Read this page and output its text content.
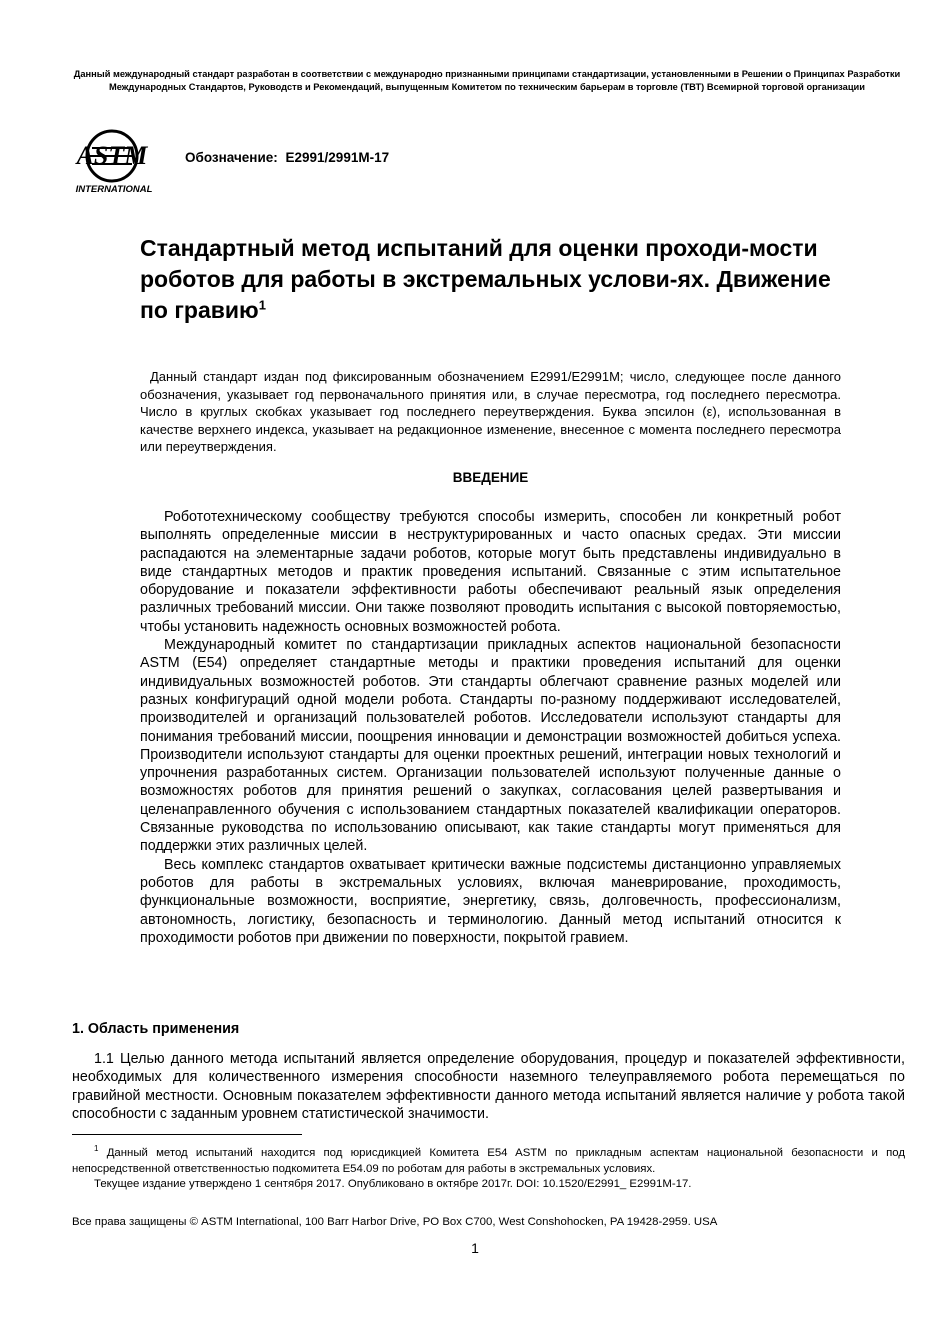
Данный международный стандарт разработан в соответствии с международно признанными принципами стандартизации, установленными в Решении о Принципах Разработки Международных Стандартов, Руководств и Рекомендаций, выпущенным Комитетом по техническим барьерам в торговле (ТВТ) Всемирной торговой организации
ASTM
INTERNATIONAL
Обозначение: E2991/2991M-17
Стандартный метод испытаний для оценки проходи-мости роботов для работы в экстремальных услови-ях. Движение по гравию$^1$

Данный стандарт издан под фиксированным обозначением E2991/E2991M; число, следующее после данного обозначения, указывает год первоначального принятия или, в случае пересмотра, год последнего пересмотра. Число в круглых скобках указывает год последнего переутверждения. Буква эпсилон (ε), использованная в качестве верхнего индекса, указывает на редакционное изменение, внесенное с момента последнего пересмотра или переутверждения.

ВВЕДЕНИЕ

Робототехническому сообществу требуются способы измерить, способен ли конкретный робот выполнять определенные миссии в неструктурированных и часто опасных средах. Эти миссии распадаются на элементарные задачи роботов, которые могут быть представлены индивидуально в виде стандартных методов и практик проведения испытаний. Связанные с этим испытательное оборудование и показатели эффективности работы обеспечивают реальный язык определения различных требований миссии. Они также позволяют проводить испытания с высокой повторяемостью, чтобы установить надежность основных возможностей робота.

Международный комитет по стандартизации прикладных аспектов национальной безопасности ASTM (E54) определяет стандартные методы и практики проведения испытаний для оценки индивидуальных возможностей роботов. Эти стандарты облегчают сравнение разных моделей или разных конфигураций одной модели робота. Стандарты по-разному поддерживают исследователей, производителей и организаций пользователей роботов. Исследователи используют стандарты для понимания требований миссии, поощрения инновации и демонстрации возможностей добиться успеха. Производители используют стандарты для оценки проектных решений, интеграции новых технологий и упрочнения разработанных систем. Организации пользователей используют полученные данные о возможностях роботов для принятия решений о закупках, согласования целей развертывания и целенаправленного обучения с использованием стандартных показателей квалификации операторов. Связанные руководства по использованию описывают, как такие стандарты могут применяться для поддержки этих различных целей.

Весь комплекс стандартов охватывает критически важные подсистемы дистанционно управляемых роботов для работы в экстремальных условиях, включая маневрирование, проходимость, функциональные возможности, восприятие, энергетику, связь, долговечность, профессионализм, автономность, логистику, безопасность и терминологию. Данный метод испытаний относится к проходимости роботов при движении по поверхности, покрытой гравием.

1. Область применения

1.1 Целью данного метода испытаний является определение оборудования, процедур и показателей эффективности, необходимых для количественного измерения способности наземного телеуправляемого робота перемещаться по гравийной местности. Основным показателем эффективности данного метода испытаний является наличие у робота такой способности с заданным уровнем статистической значимости.

$^1$ Данный метод испытаний находится под юрисдикцией Комитета E54 ASTM по прикладным аспектам национальной безопасности и под непосредственной ответственностью подкомитета E54.09 по роботам для работы в экстремальных условиях.

Текущее издание утверждено 1 сентября 2017. Опубликовано в октябре 2017г. DOI: 10.1520/E2991_ E2991M-17.

Все права защищены © ASTM International, 100 Barr Harbor Drive, PO Box C700, West Conshohocken, PA 19428-2959. USA
1
